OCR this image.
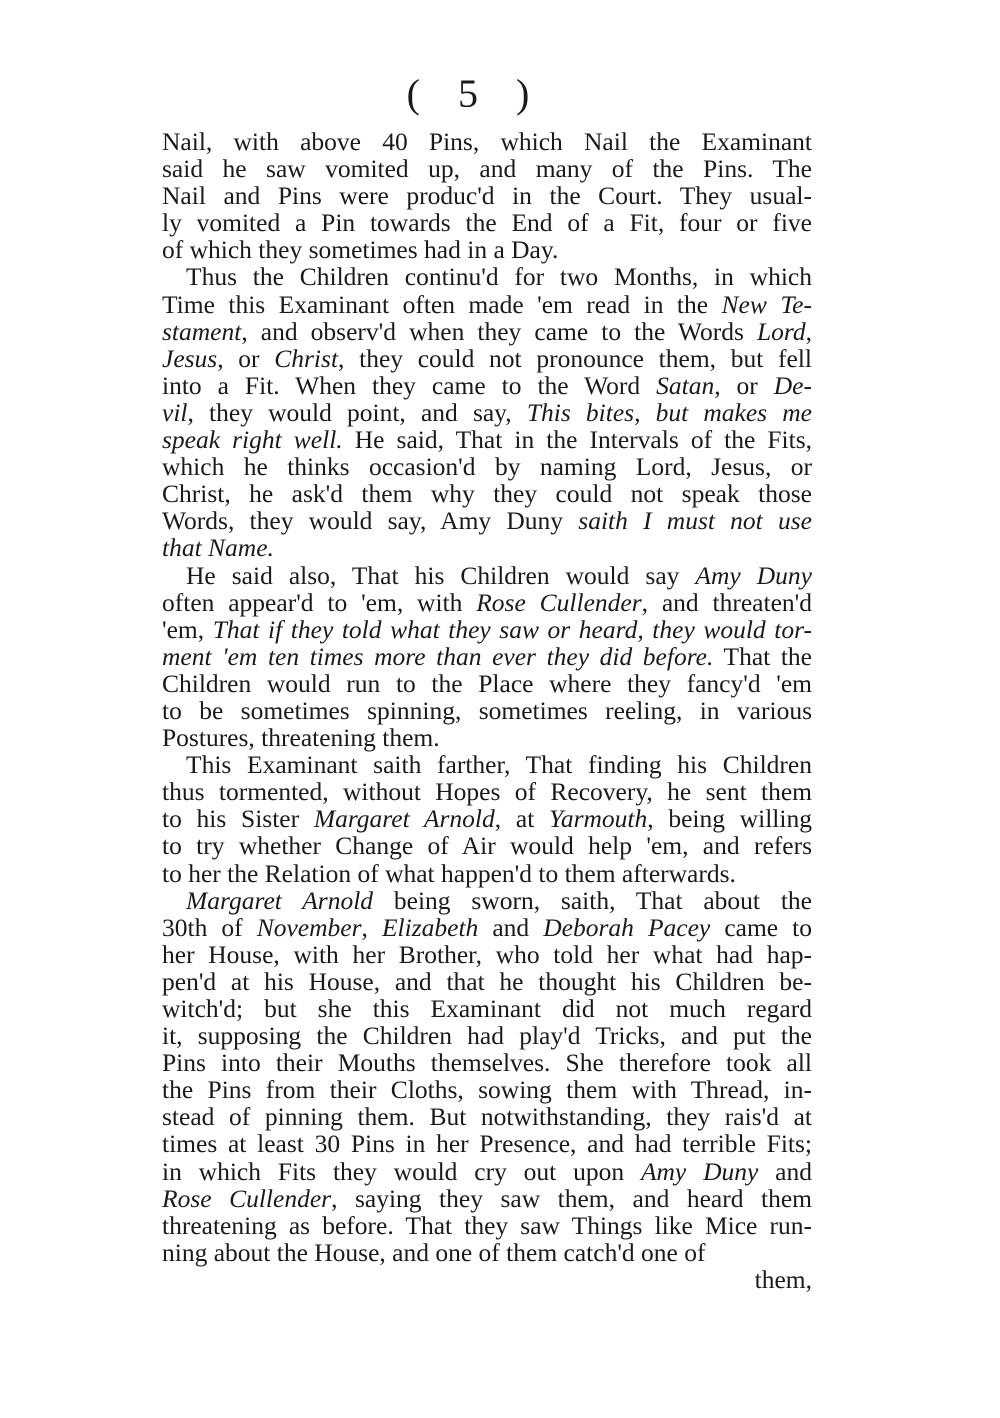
( 5 )
Nail, with above 40 Pins, which Nail the Examinant
said he saw vomited up, and many of the Pins. The
Nail and Pins were produc'd in the Court. They usual-
ly vomited a Pin towards the End of a Fit, four or five
of which they sometimes had in a Day.
Thus the Children continu'd for two Months, in which
Time this Examinant often made 'em read in the New Te-
stament, and observ'd when they came to the Words Lord,
Jesus, or Christ, they could not pronounce them, but fell
into a Fit. When they came to the Word Satan, or De-
vil, they would point, and say, This bites, but makes me
speak right well. He said, That in the Intervals of the Fits,
which he thinks occasion'd by naming Lord, Jesus, or
Christ, he ask'd them why they could not speak those
Words, they would say, Amy Duny saith I must not use
that Name.
He said also, That his Children would say Amy Duny
often appear'd to 'em, with Rose Cullender, and threaten'd
'em, That if they told what they saw or heard, they would tor-
ment 'em ten times more than ever they did before. That the
Children would run to the Place where they fancy'd 'em
to be sometimes spinning, sometimes reeling, in various
Postures, threatening them.
This Examinant saith farther, That finding his Children
thus tormented, without Hopes of Recovery, he sent them
to his Sister Margaret Arnold, at Yarmouth, being willing
to try whether Change of Air would help 'em, and refers
to her the Relation of what happen'd to them afterwards.
Margaret Arnold being sworn, saith, That about the
30th of November, Elizabeth and Deborah Pacey came to
her House, with her Brother, who told her what had hap-
pen'd at his House, and that he thought his Children be-
witch'd; but she this Examinant did not much regard
it, supposing the Children had play'd Tricks, and put the
Pins into their Mouths themselves. She therefore took all
the Pins from their Cloths, sowing them with Thread, in-
stead of pinning them. But notwithstanding, they rais'd at
times at least 30 Pins in her Presence, and had terrible Fits;
in which Fits they would cry out upon Amy Duny and
Rose Cullender, saying they saw them, and heard them
threatening as before. That they saw Things like Mice run-
ning about the House, and one of them catch'd one of
them,
